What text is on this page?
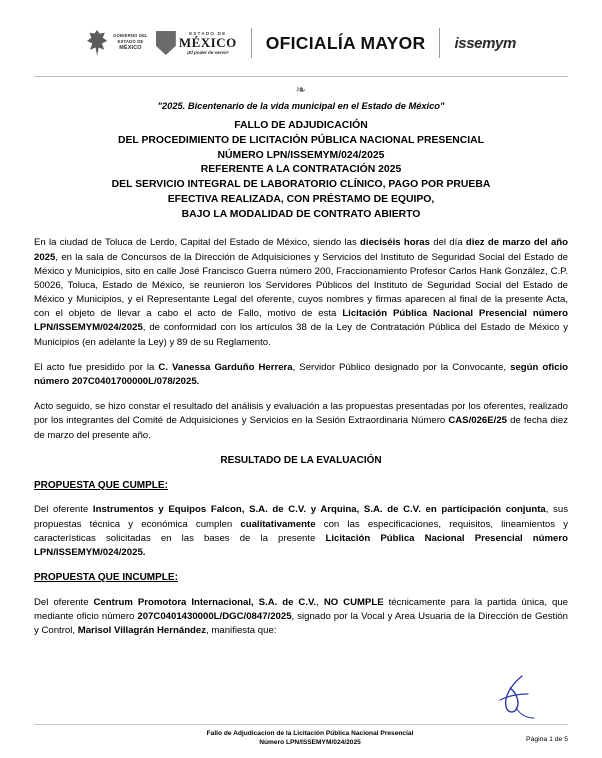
GOBIERNO DEL
ESTADO DE
MÉXICO
ESTADO DE
MÉXICO
¡El poder de servir!
OFICIALÍA MAYOR issemym
❧
"2025. Bicentenario de la vida municipal en el Estado de México"
FALLO DE ADJUDICACIÓN
DEL PROCEDIMIENTO DE LICITACIÓN PÚBLICA NACIONAL PRESENCIAL
NÚMERO LPN/ISSEMYM/024/2025
REFERENTE A LA CONTRATACIÓN 2025
DEL SERVICIO INTEGRAL DE LABORATORIO CLÍNICO, PAGO POR PRUEBA
EFECTIVA REALIZADA, CON PRÉSTAMO DE EQUIPO,
BAJO LA MODALIDAD DE CONTRATO ABIERTO

En la ciudad de Toluca de Lerdo, Capital del Estado de México, siendo las dieciséis horas del día diez de marzo del año 2025, en la sala de Concursos de la Dirección de Adquisiciones y Servicios del Instituto de Seguridad Social del Estado de México y Municipios, sito en calle José Francisco Guerra número 200, Fraccionamiento Profesor Carlos Hank González, C.P. 50026, Toluca, Estado de México, se reunieron los Servidores Públicos del Instituto de Seguridad Social del Estado de México y Municipios, y el Representante Legal del oferente, cuyos nombres y firmas aparecen al final de la presente Acta, con el objeto de llevar a cabo el acto de Fallo, motivo de esta Licitación Pública Nacional Presencial número LPN/ISSEMYM/024/2025, de conformidad con los artículos 38 de la Ley de Contratación Pública del Estado de México y Municipios (en adelante la Ley) y 89 de su Reglamento.

El acto fue presidido por la C. Vanessa Garduño Herrera, Servidor Público designado por la Convocante, según oficio número 207C0401700000L/078/2025.

Acto seguido, se hizo constar el resultado del análisis y evaluación a las propuestas presentadas por los oferentes, realizado por los integrantes del Comité de Adquisiciones y Servicios en la Sesión Extraordinaria Número CAS/026E/25 de fecha diez de marzo del presente año.

RESULTADO DE LA EVALUACIÓN
PROPUESTA QUE CUMPLE:

Del oferente Instrumentos y Equipos Falcon, S.A. de C.V. y Arquina, S.A. de C.V. en participación conjunta, sus propuestas técnica y económica cumplen cualitativamente con las especificaciones, requisitos, lineamientos y características solicitadas en las bases de la presente Licitación Pública Nacional Presencial número LPN/ISSEMYM/024/2025.

PROPUESTA QUE INCUMPLE:

Del oferente Centrum Promotora Internacional, S.A. de C.V., NO CUMPLE técnicamente para la partida única, que mediante oficio número 207C0401430000L/DGC/0847/2025, signado por la Vocal y Area Usuaria de la Dirección de Gestión y Control, Marisol Villagrán Hernández, manifiesta que:

Fallo de Adjudicacion de la Licitación Pública Nacional Presencial
Número LPN/ISSEMYM/024/2025	Página 1 de 5
